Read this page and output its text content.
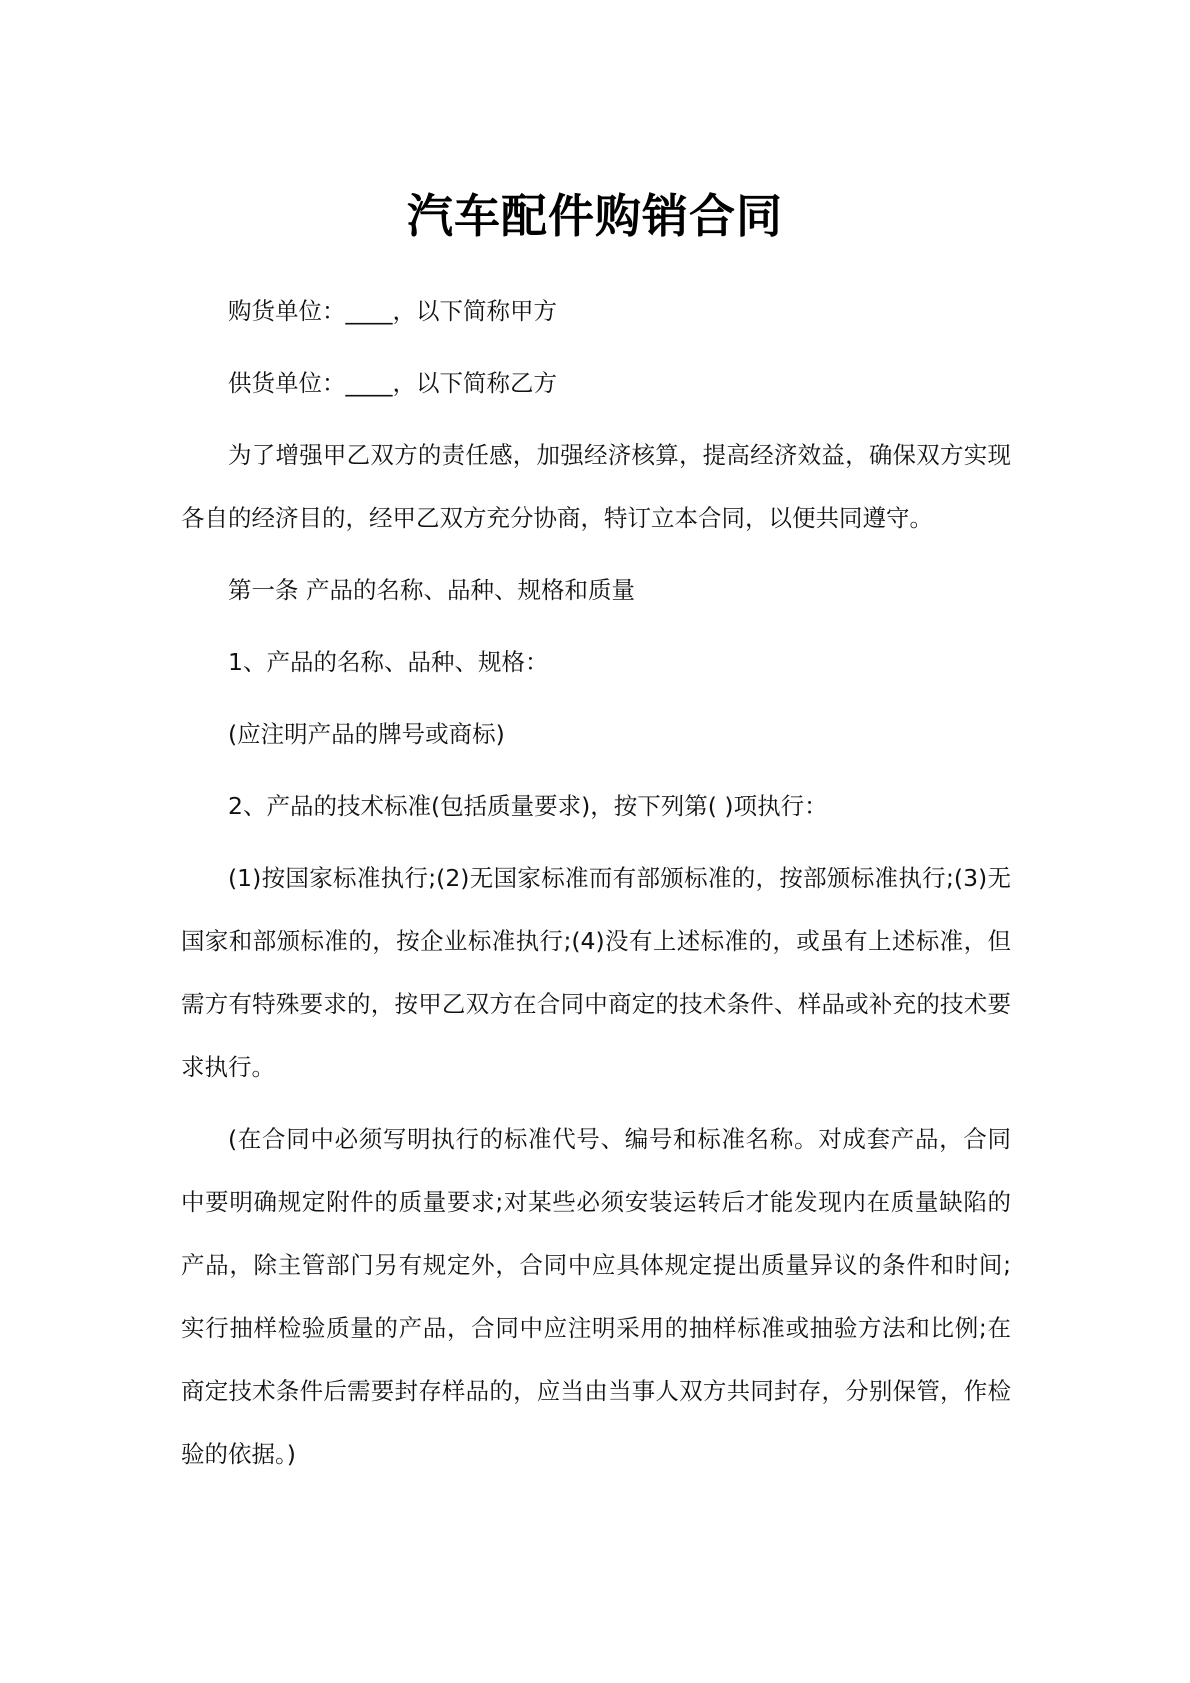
汽车配件购销合同

购货单位：____，以下简称甲方

供货单位：____，以下简称乙方

为了增强甲乙双方的责任感，加强经济核算，提高经济效益，确保双方实现各自的经济目的，经甲乙双方充分协商，特订立本合同，以便共同遵守。

第一条 产品的名称、品种、规格和质量

1、产品的名称、品种、规格：

(应注明产品的牌号或商标)

2、产品的技术标准(包括质量要求)，按下列第( )项执行：

(1)按国家标准执行;(2)无国家标准而有部颁标准的，按部颁标准执行;(3)无国家和部颁标准的，按企业标准执行;(4)没有上述标准的，或虽有上述标准，但需方有特殊要求的，按甲乙双方在合同中商定的技术条件、样品或补充的技术要求执行。

(在合同中必须写明执行的标准代号、编号和标准名称。对成套产品，合同中要明确规定附件的质量要求;对某些必须安装运转后才能发现内在质量缺陷的产品，除主管部门另有规定外，合同中应具体规定提出质量异议的条件和时间;实行抽样检验质量的产品，合同中应注明采用的抽样标准或抽验方法和比例;在商定技术条件后需要封存样品的，应当由当事人双方共同封存，分别保管，作检验的依据。)
